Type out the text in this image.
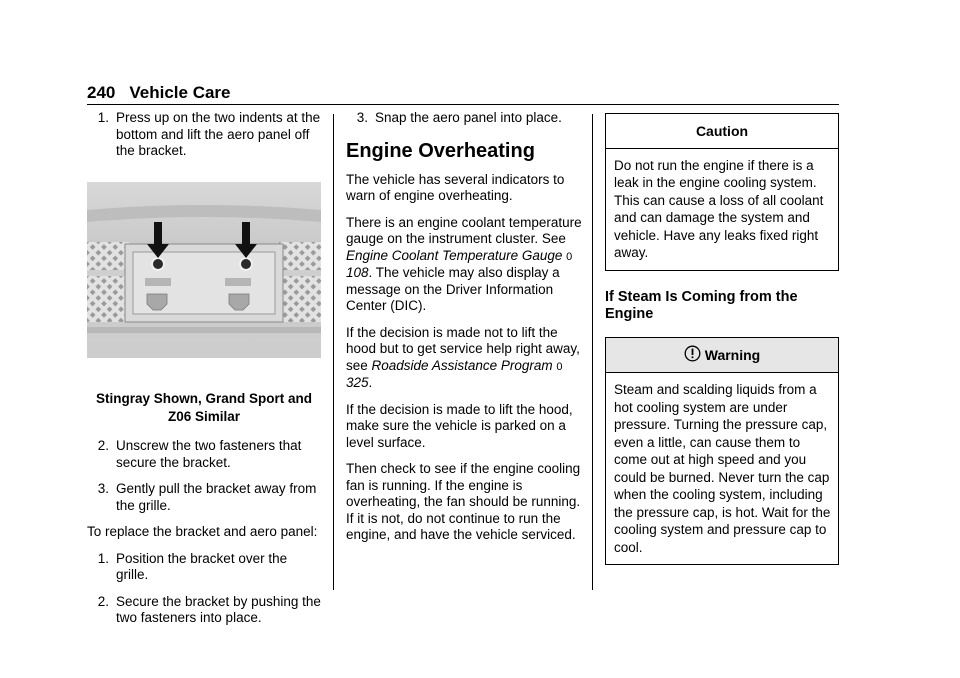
240 Vehicle Care
1. Press up on the two indents at the bottom and lift the aero panel off the bracket.
Stingray Shown, Grand Sport and Z06 Similar
2. Unscrew the two fasteners that secure the bracket.
3. Gently pull the bracket away from the grille.

To replace the bracket and aero panel:

1. Position the bracket over the grille.
2. Secure the bracket by pushing the two fasteners into place.
3. Snap the aero panel into place.
Engine Overheating

The vehicle has several indicators to warn of engine overheating.

There is an engine coolant temperature gauge on the instrument cluster. See Engine Coolant Temperature Gauge 0 108. The vehicle may also display a message on the Driver Information Center (DIC).

If the decision is made not to lift the hood but to get service help right away, see Roadside Assistance Program 0 325.

If the decision is made to lift the hood, make sure the vehicle is parked on a level surface.

Then check to see if the engine cooling fan is running. If the engine is overheating, the fan should be running. If it is not, do not continue to run the engine, and have the vehicle serviced.

Caution
Do not run the engine if there is a leak in the engine cooling system. This can cause a loss of all coolant and can damage the system and vehicle. Have any leaks fixed right away.
If Steam Is Coming from the Engine
Warning
Steam and scalding liquids from a hot cooling system are under pressure. Turning the pressure cap, even a little, can cause them to come out at high speed and you could be burned. Never turn the cap when the cooling system, including the pressure cap, is hot. Wait for the cooling system and pressure cap to cool.
